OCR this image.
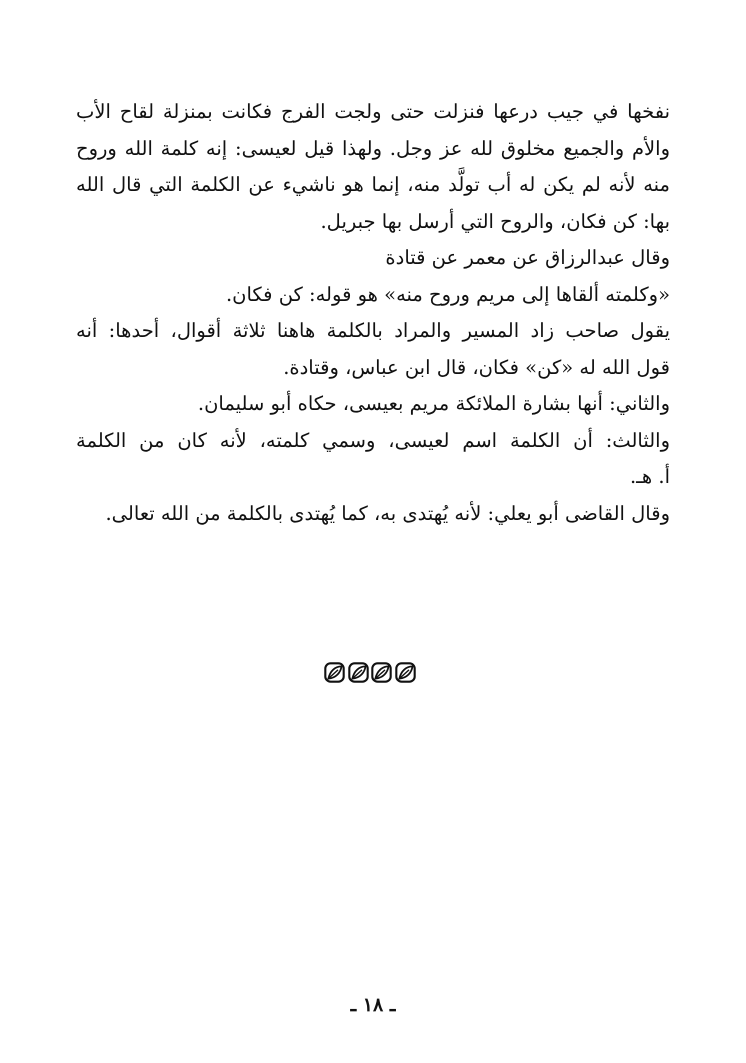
نفخها في جيب درعها فنزلت حتى ولجت الفرج فكانت بمنزلة لقاح الأب
والأم والجميع مخلوق لله عز وجل. ولهذا قيل لعيسى: إنه كلمة الله وروح
منه لأنه لم يكن له أب تولَّد منه، إنما هو ناشيء عن الكلمة التي قال الله
بها: كن فكان، والروح التي أرسل بها جبريل.
وقال عبدالرزاق عن معمر عن قتادة
«وكلمته ألقاها إلى مريم وروح منه» هو قوله: كن فكان.
يقول صاحب زاد المسير والمراد بالكلمة هاهنا ثلاثة أقوال، أحدها: أنه
قول الله له «كن» فكان، قال ابن عباس، وقتادة.
والثاني: أنها بشارة الملائكة مريم بعيسى، حكاه أبو سليمان.
والثالث: أن الكلمة اسم لعيسى، وسمي كلمته، لأنه كان من الكلمة
أ. هـ.
وقال القاضى أبو يعلي: لأنه يُهتدى به، كما يُهتدى بالكلمة من الله تعالى.
ـ ١٨ ـ
